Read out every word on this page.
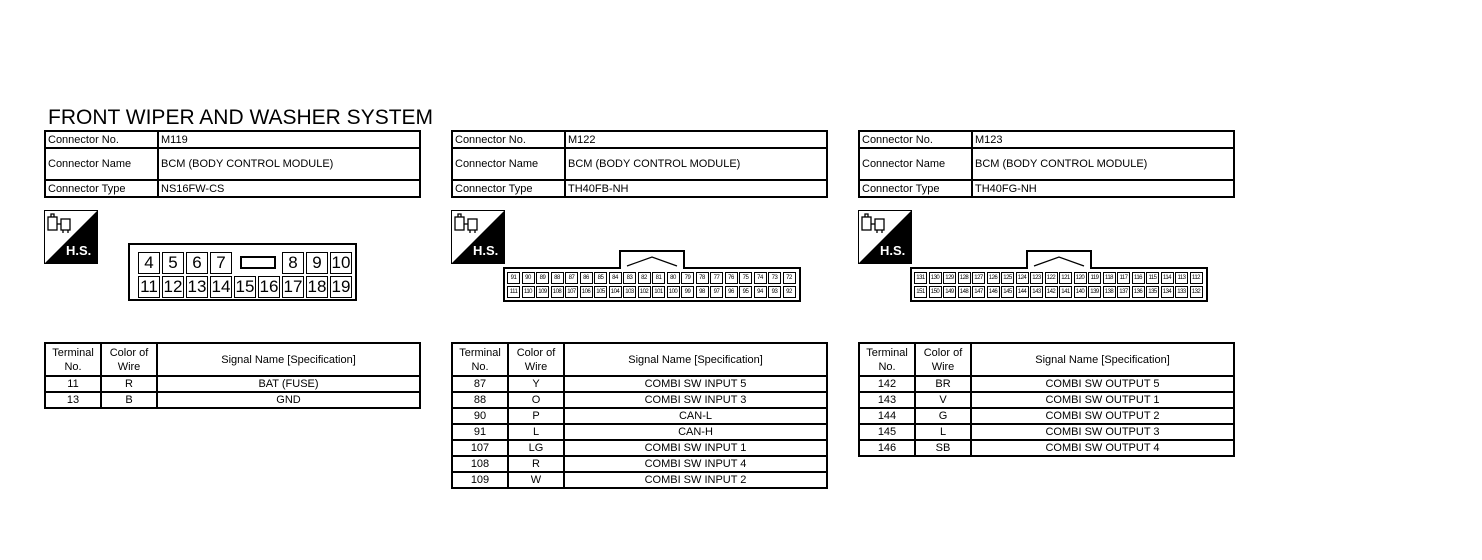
FRONT WIPER AND WASHER SYSTEM
Connector No.	M119
Connector Name	BCM (BODY CONTROL MODULE)
Connector Type	NS16FW-CS
H.S.
4 5 6 7	8 9 10
11 12 13 14 15 16 17 18 19
Terminal No.	Color of Wire	Signal Name [Specification]
11	R	BAT (FUSE)
13	B	GND
Connector No.	M122
Connector Name	BCM (BODY CONTROL MODULE)
Connector Type	TH40FB-NH
H.S.
91	90	89	88	87	86	85	84	83	82	81	80	79	78	77	76	75	74	73	72
111	110	109 108 107 106 105 104 103 102 101 100	99	98	97	96	95	94	93	92
Terminal No.	Color of Wire	Signal Name [Specification]
87	Y	COMBI SW INPUT 5
88	O	COMBI SW INPUT 3
90	P	CAN-L
91	L	CAN-H
107	LG	COMBI SW INPUT 1
108	R	COMBI SW INPUT 4
109	W	COMBI SW INPUT 2
Connector No.	M123
Connector Name	BCM (BODY CONTROL MODULE)
Connector Type	TH40FG-NH
H.S.
131 130 129 128 127 126 125 124 123 122 121 120	119	118	117	116	115	114	113	112
151 150 149 148 147 146 145 144 143 142 141 140 139 138 137 136 135 134 133 132
Terminal No.	Color of Wire	Signal Name [Specification]
142	BR	COMBI SW OUTPUT 5
143	V	COMBI SW OUTPUT 1
144	G	COMBI SW OUTPUT 2
145	L	COMBI SW OUTPUT 3
146	SB	COMBI SW OUTPUT 4
